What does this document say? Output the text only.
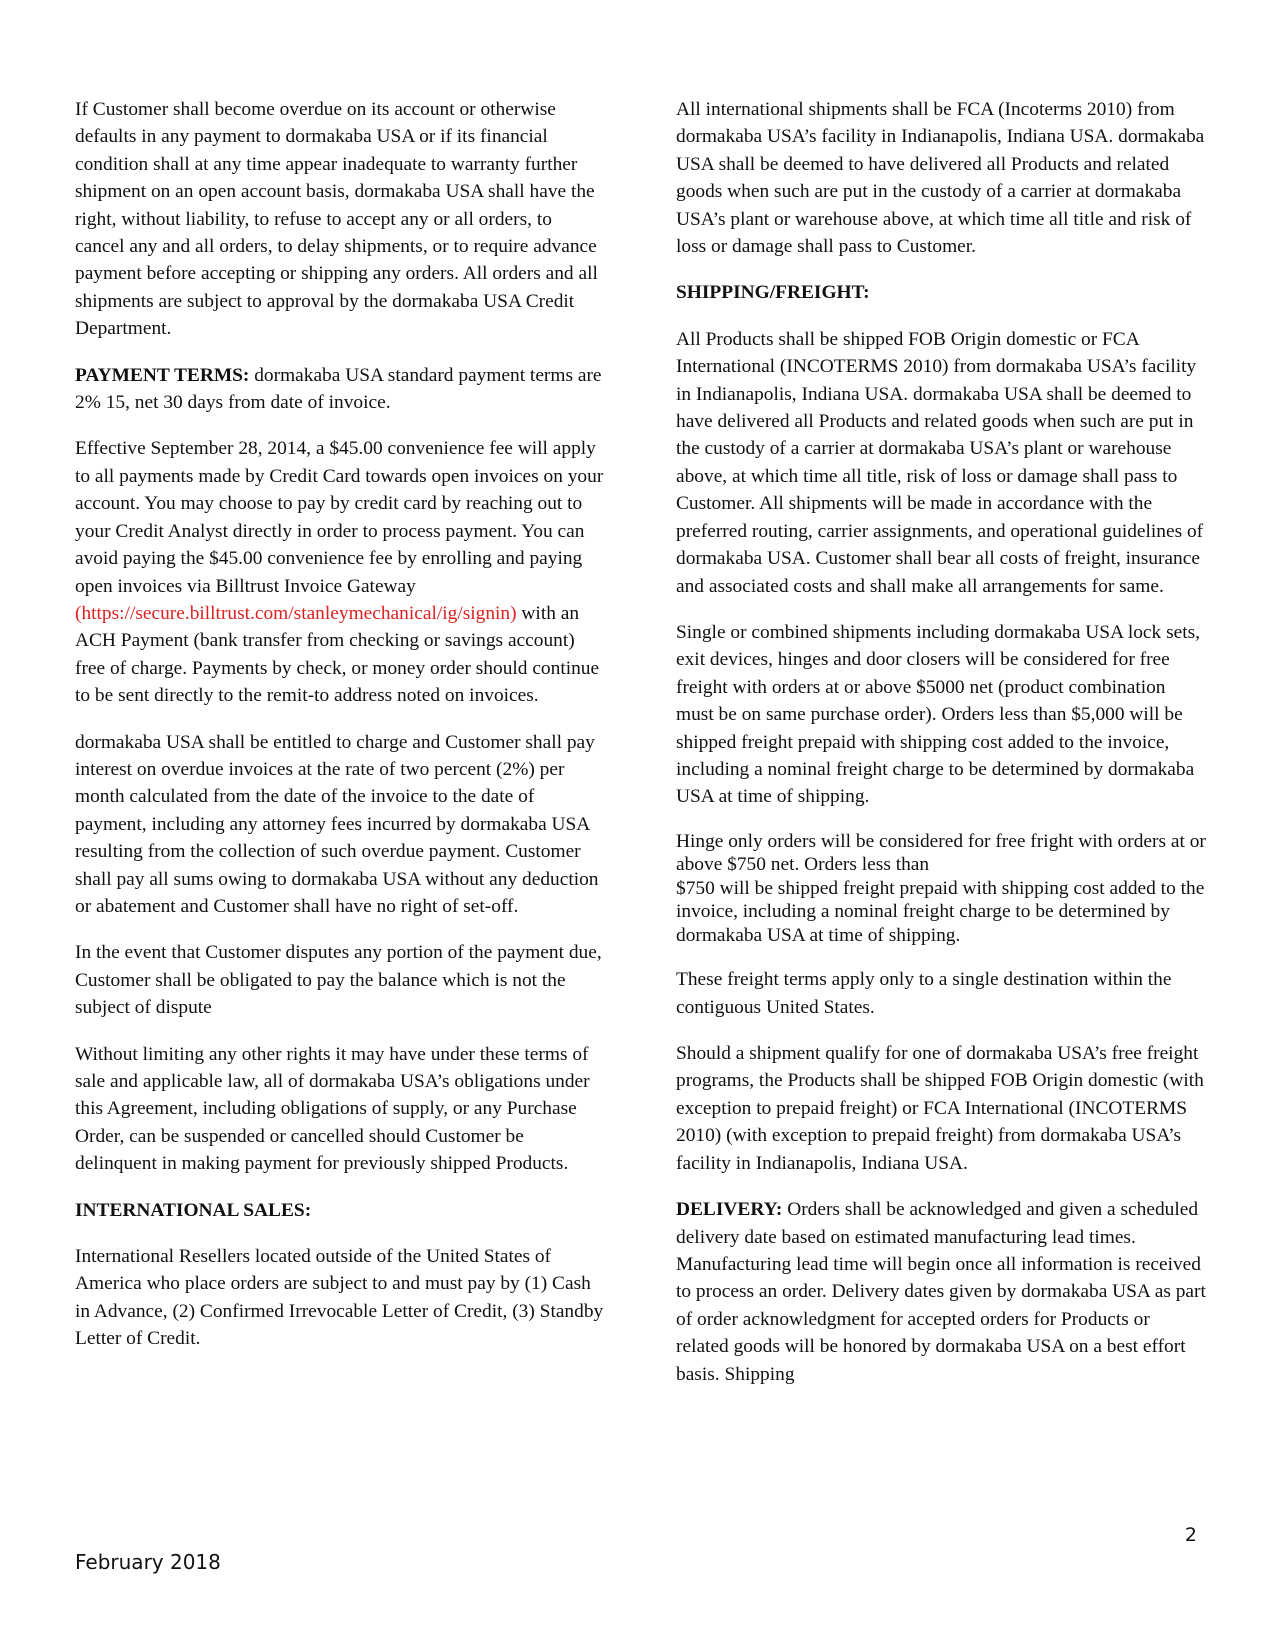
If Customer shall become overdue on its account or otherwise defaults in any payment to dormakaba USA or if its financial condition shall at any time appear inadequate to warranty further shipment on an open account basis, dormakaba USA shall have the right, without liability, to refuse to accept any or all orders, to cancel any and all orders, to delay shipments, or to require advance payment before accepting or shipping any orders. All orders and all shipments are subject to approval by the dormakaba USA Credit Department.

PAYMENT TERMS: dormakaba USA standard payment terms are 2% 15, net 30 days from date of invoice.

Effective September 28, 2014, a $45.00 convenience fee will apply to all payments made by Credit Card towards open invoices on your account. You may choose to pay by credit card by reaching out to your Credit Analyst directly in order to process payment. You can avoid paying the $45.00 convenience fee by enrolling and paying open invoices via Billtrust Invoice Gateway (https://secure.billtrust.com/stanleymechanical/ig/signin) with an ACH Payment (bank transfer from checking or savings account) free of charge. Payments by check, or money order should continue to be sent directly to the remit-to address noted on invoices.

dormakaba USA shall be entitled to charge and Customer shall pay interest on overdue invoices at the rate of two percent (2%) per month calculated from the date of the invoice to the date of payment, including any attorney fees incurred by dormakaba USA resulting from the collection of such overdue payment. Customer shall pay all sums owing to dormakaba USA without any deduction or abatement and Customer shall have no right of set-off.

In the event that Customer disputes any portion of the payment due, Customer shall be obligated to pay the balance which is not the subject of dispute

Without limiting any other rights it may have under these terms of sale and applicable law, all of dormakaba USA’s obligations under this Agreement, including obligations of supply, or any Purchase Order, can be suspended or cancelled should Customer be delinquent in making payment for previously shipped Products.

INTERNATIONAL SALES:

International Resellers located outside of the United States of America who place orders are subject to and must pay by (1) Cash in Advance, (2) Confirmed Irrevocable Letter of Credit, (3) Standby Letter of Credit.

All international shipments shall be FCA (Incoterms 2010) from dormakaba USA’s facility in Indianapolis, Indiana USA. dormakaba USA shall be deemed to have delivered all Products and related goods when such are put in the custody of a carrier at dormakaba USA’s plant or warehouse above, at which time all title and risk of loss or damage shall pass to Customer.

SHIPPING/FREIGHT:

All Products shall be shipped FOB Origin domestic or FCA International (INCOTERMS 2010) from dormakaba USA’s facility in Indianapolis, Indiana USA. dormakaba USA shall be deemed to have delivered all Products and related goods when such are put in the custody of a carrier at dormakaba USA’s plant or warehouse above, at which time all title, risk of loss or damage shall pass to Customer. All shipments will be made in accordance with the preferred routing, carrier assignments, and operational guidelines of dormakaba USA. Customer shall bear all costs of freight, insurance and associated costs and shall make all arrangements for same.

Single or combined shipments including dormakaba USA lock sets, exit devices, hinges and door closers will be considered for free freight with orders at or above $5000 net (product combination must be on same purchase order). Orders less than $5,000 will be shipped freight prepaid with shipping cost added to the invoice, including a nominal freight charge to be determined by dormakaba USA at time of shipping.

Hinge only orders will be considered for free fright with orders at or above $750 net. Orders less than
$750 will be shipped freight prepaid with shipping cost added to the invoice, including a nominal freight charge to be determined by dormakaba USA at time of shipping.

These freight terms apply only to a single destination within the contiguous United States.

Should a shipment qualify for one of dormakaba USA’s free freight programs, the Products shall be shipped FOB Origin domestic (with exception to prepaid freight) or FCA International (INCOTERMS 2010) (with exception to prepaid freight) from dormakaba USA’s facility in Indianapolis, Indiana USA.

DELIVERY: Orders shall be acknowledged and given a scheduled delivery date based on estimated manufacturing lead times. Manufacturing lead time will begin once all information is received to process an order. Delivery dates given by dormakaba USA as part of order acknowledgment for accepted orders for Products or related goods will be honored by dormakaba USA on a best effort basis. Shipping

2
February 2018
